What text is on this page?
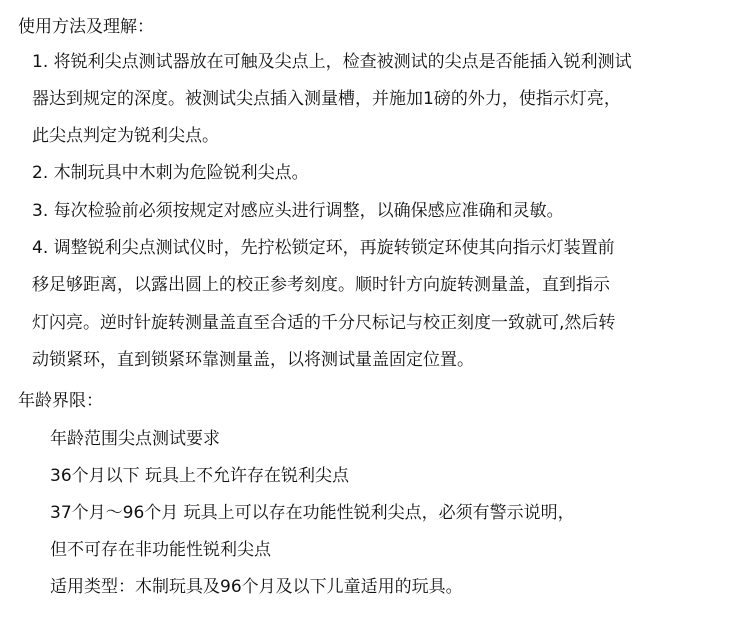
使用方法及理解：
1. 将锐利尖点测试器放在可触及尖点上，检查被测试的尖点是否能插入锐利测试
器达到规定的深度。被测试尖点插入测量槽，并施加1磅的外力，使指示灯亮，
此尖点判定为锐利尖点。
2. 木制玩具中木刺为危险锐利尖点。
3. 每次检验前必须按规定对感应头进行调整，以确保感应准确和灵敏。
4. 调整锐利尖点测试仪时，先拧松锁定环，再旋转锁定环使其向指示灯装置前
移足够距离，以露出圆上的校正参考刻度。顺时针方向旋转测量盖，直到指示
灯闪亮。逆时针旋转测量盖直至合适的千分尺标记与校正刻度一致就可,然后转
动锁紧环，直到锁紧环靠测量盖，以将测试量盖固定位置。
年龄界限：
年龄范围尖点测试要求
36个月以下 玩具上不允许存在锐利尖点
37个月～96个月 玩具上可以存在功能性锐利尖点，必须有警示说明，
但不可存在非功能性锐利尖点
适用类型：木制玩具及96个月及以下儿童适用的玩具。
